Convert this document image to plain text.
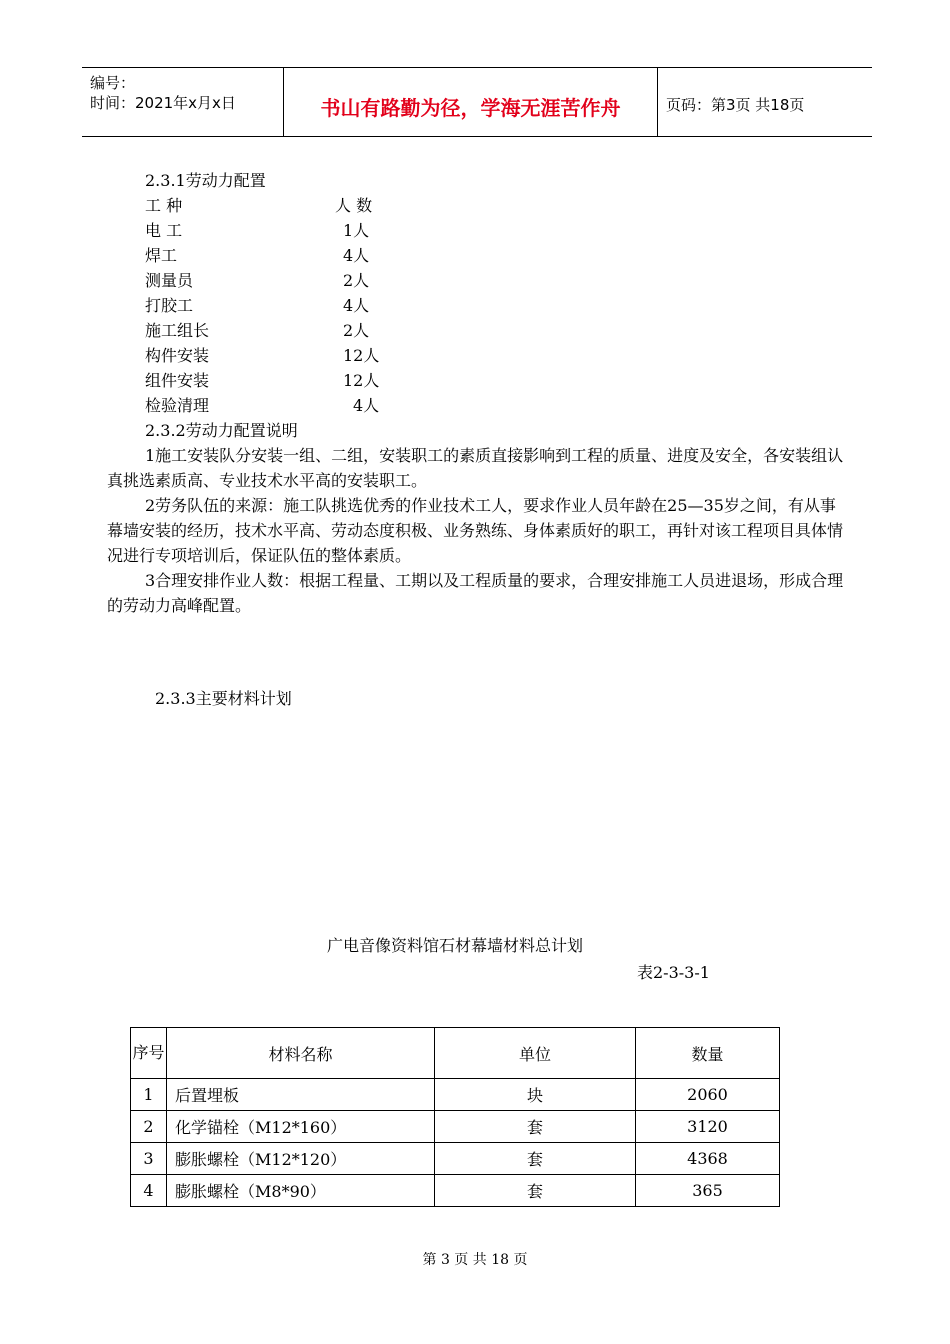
编号：
时间：2021年x月x日	书山有路勤为径，学海无涯苦作舟	页码：第3页 共18页
2.3.1劳动力配置
工 种	人 数
电 工	1人
焊工	4人
测量员	2人
打胶工	4人
施工组长	2人
构件安装	12人
组件安装	12人
检验清理	4人
2.3.2劳动力配置说明
1施工安装队分安装一组、二组，安装职工的素质直接影响到工程的质量、进度及安全，各安装组认真挑选素质高、专业技术水平高的安装职工。
2劳务队伍的来源：施工队挑选优秀的作业技术工人，要求作业人员年龄在25—35岁之间，有从事幕墙安装的经历，技术水平高、劳动态度积极、业务熟练、身体素质好的职工，再针对该工程项目具体情况进行专项培训后，保证队伍的整体素质。
3合理安排作业人数：根据工程量、工期以及工程质量的要求，合理安排施工人员进退场，形成合理的劳动力高峰配置。
2.3.3主要材料计划
广电音像资料馆石材幕墙材料总计划
表2-3-3-1
序号	材料名称	单位	数量
1	后置埋板	块	2060
2	化学锚栓（M12*160）	套	3120
3	膨胀螺栓（M12*120）	套	4368
4	膨胀螺栓（M8*90）	套	365
第 3 页 共 18 页
